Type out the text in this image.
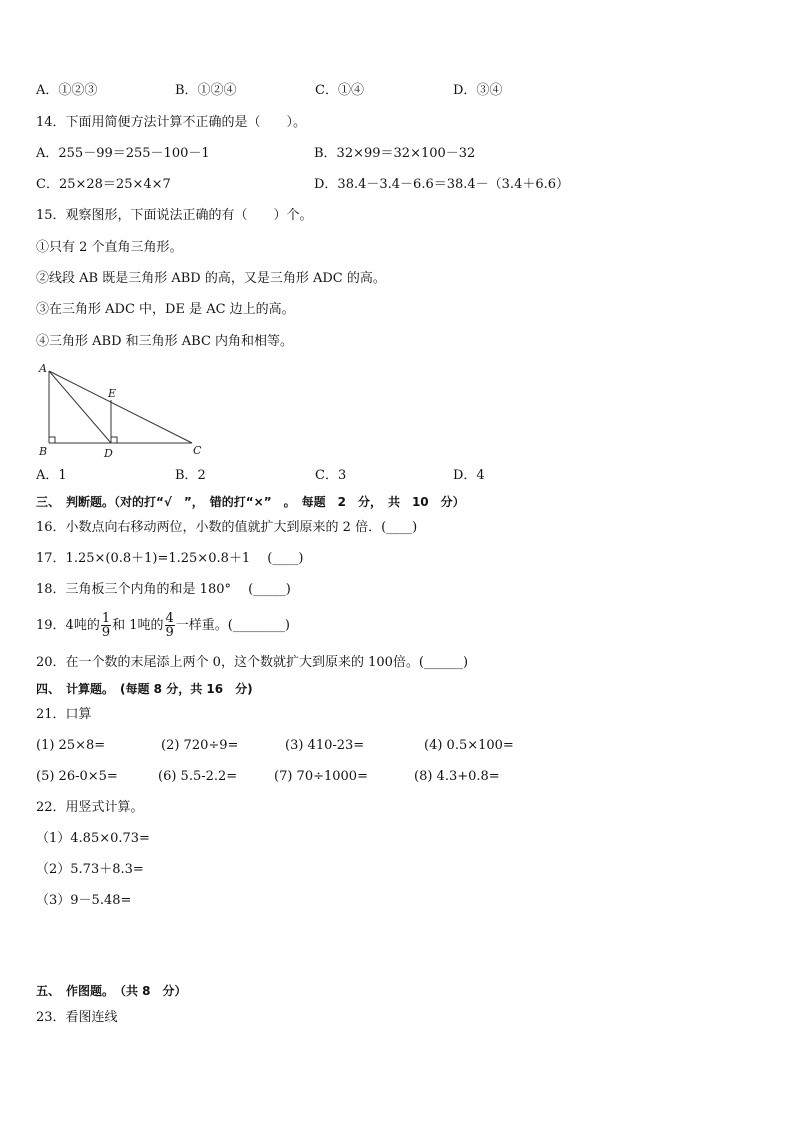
A．①②③	B．①②④	C．①④	D．③④
14．下面用简便方法计算不正确的是（　　）。
A．255－99＝255－100－1	B．32×99＝32×100－32
C．25×28＝25×4×7	D．38.4－3.4－6.6＝38.4－（3.4＋6.6）
15．观察图形，下面说法正确的有（　　）个。
①只有 2 个直角三角形。
②线段 AB 既是三角形 ABD 的高，又是三角形 ADC 的高。
③在三角形 ADC 中，DE 是 AC 边上的高。
④三角形 ABD 和三角形 ABC 内角和相等。
A
B	C
D
E
A．1	B．2	C．3	D．4
三、　判断题。（对的打“√　”，　错的打“×”　。　每题　2　分，　共　10　分）
16．小数点向右移动两位，小数的值就扩大到原来的 2 倍．(____)
17．1.25×(0.8＋1)=1.25×0.8＋1　 (____)
18．三角板三个内角的和是 180°　 (_____)
19．4吨的 $\frac{1}{9}$ 和 1吨的 $\frac{4}{9}$ 一样重。(________)
20．在一个数的末尾添上两个 0，这个数就扩大到原来的 100倍。(______)
四、　计算题。　(每题 8 分，共 16　分)
21．口算
(1) 25×8=	(2) 720÷9=	(3) 410-23=	(4) 0.5×100=
(5) 26-0×5=	(6) 5.5-2.2=	(7) 70÷1000=	(8) 4.3+0.8=
22．用竖式计算。
（1）4.85×0.73=
（2）5.73＋8.3=
（3）9－5.48=
五、　作图题。　（共 8　分）
23．看图连线
